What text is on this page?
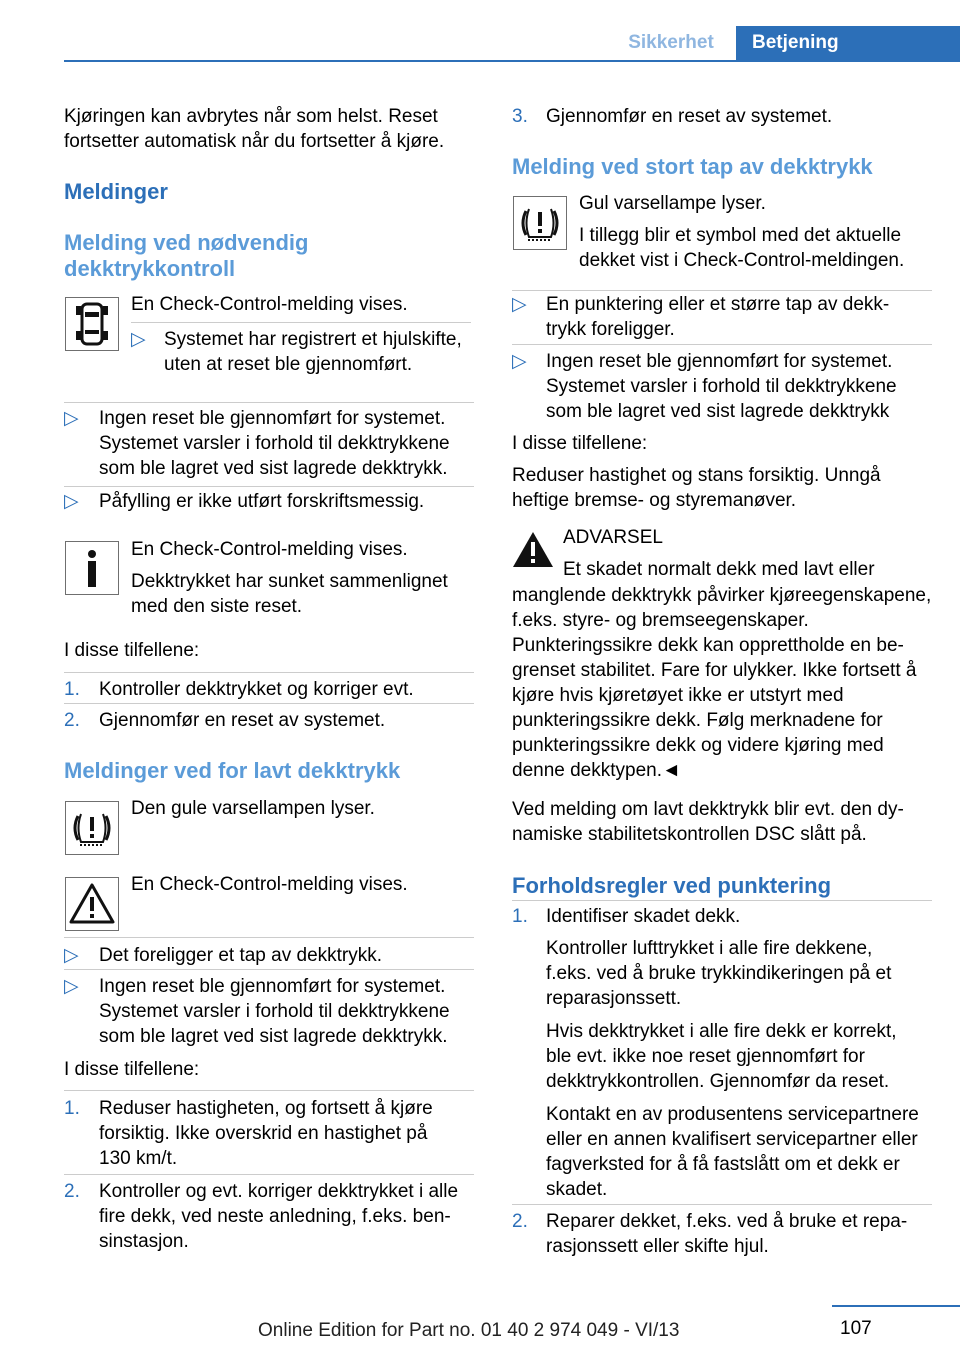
Sikkerhet	Betjening
Kjøringen kan avbrytes når som helst. Reset fortsetter automatisk når du fortsetter å kjøre.
Meldinger
Melding ved nødvendig dekktrykkontroll
En Check-Control-melding vises.
▷ Systemet har registrert et hjulskifte, uten at reset ble gjennomført.
▷ Ingen reset ble gjennomført for systemet. Systemet varsler i forhold til dekktrykkene som ble lagret ved sist lagrede dekktrykk.
▷ Påfylling er ikke utført forskriftsmessig.
En Check-Control-melding vises.
Dekktrykket har sunket sammenlignet med den siste reset.
I disse tilfellene:
1. Kontroller dekktrykket og korriger evt.
2. Gjennomfør en reset av systemet.
Meldinger ved for lavt dekktrykk
Den gule varsellampen lyser.
En Check-Control-melding vises.
▷ Det foreligger et tap av dekktrykk.
▷ Ingen reset ble gjennomført for systemet. Systemet varsler i forhold til dekktrykkene som ble lagret ved sist lagrede dekktrykk.
I disse tilfellene:
1. Reduser hastigheten, og fortsett å kjøre forsiktig. Ikke overskrid en hastighet på 130 km/t.
2. Kontroller og evt. korriger dekktrykket i alle fire dekk, ved neste anledning, f.eks. bensinstasjon.
3. Gjennomfør en reset av systemet.
Melding ved stort tap av dekktrykk
Gul varsellampe lyser.
I tillegg blir et symbol med det aktuelle dekket vist i Check-Control-meldingen.
▷ En punktering eller et større tap av dekktrykk foreligger.
▷ Ingen reset ble gjennomført for systemet. Systemet varsler i forhold til dekktrykkene som ble lagret ved sist lagrede dekktrykk
I disse tilfellene:
Reduser hastighet og stans forsiktig. Unngå heftige bremse- og styremanøver.
ADVARSEL
Et skadet normalt dekk med lavt eller
manglende dekktrykk påvirker kjøreegenskapene, f.eks. styre- og bremseegenskaper. Punkteringssikre dekk kan opprettholde en begrenset stabilitet. Fare for ulykker. Ikke fortsett å kjøre hvis kjøretøyet ikke er utstyrt med punkteringssikre dekk. Følg merknadene for punkteringssikre dekk og videre kjøring med denne dekktypen.◄
Ved melding om lavt dekktrykk blir evt. den dynamiske stabilitetskontrollen DSC slått på.
Forholdsregler ved punktering
1. Identifiser skadet dekk.
Kontroller lufttrykket i alle fire dekkene, f.eks. ved å bruke trykkindikeringen på et reparasjonssett.
Hvis dekktrykket i alle fire dekk er korrekt, ble evt. ikke noe reset gjennomført for dekktrykkontrollen. Gjennomfør da reset.
Kontakt en av produsentens servicepartnere eller en annen kvalifisert servicepartner eller fagverksted for å få fastslått om et dekk er skadet.
2. Reparer dekket, f.eks. ved å bruke et reparasjonssett eller skifte hjul.
107
Online Edition for Part no. 01 40 2 974 049 - VI/13
